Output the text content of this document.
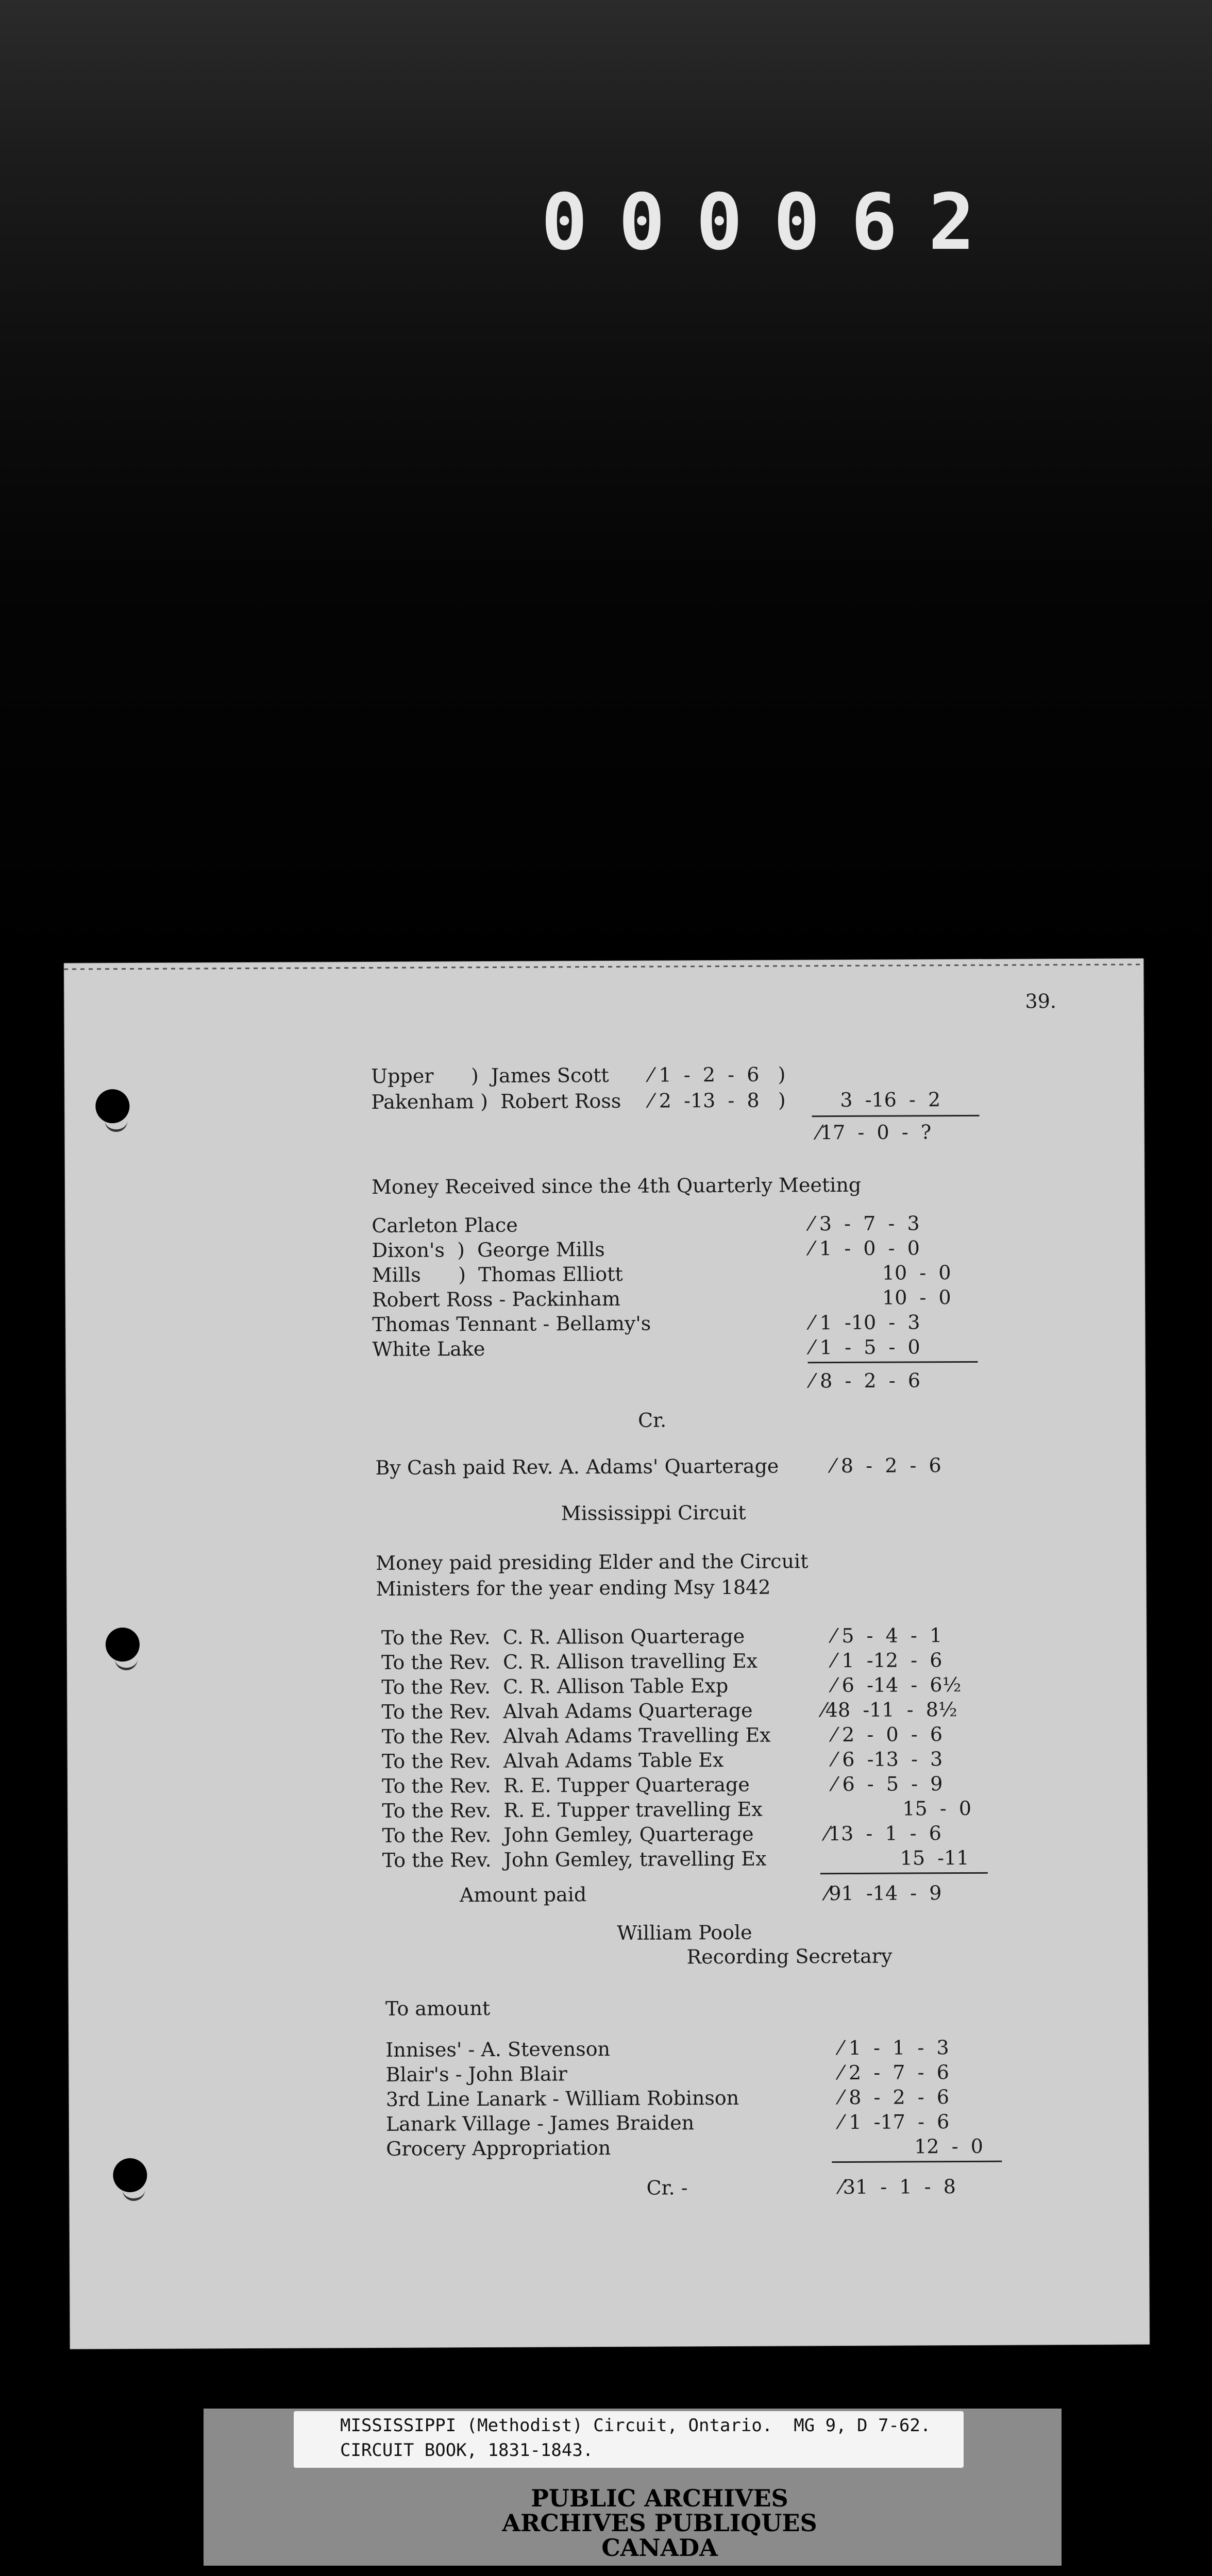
000062
39.
Upper      )  James Scott ⁄ 1  -  2  -  6   )
Pakenham )  Robert Ross ⁄ 2  -13  -  8   )	3  -16  -  2
⁄17  -  0  -  ?
Money Received since the 4th Quarterly Meeting
Carleton Place	⁄ 3  -  7  -  3
Dixon's  )  George Mills	⁄ 1  -  0  -  0
Mills      )  Thomas Elliott	10  -  0
Robert Ross - Packinham	10  -  0
Thomas Tennant - Bellamy's	⁄ 1  -10  -  3
White Lake	⁄ 1  -  5  -  0
⁄ 8  -  2  -  6
Cr.
By Cash paid Rev. A. Adams' Quarterage	⁄ 8  -  2  -  6
Mississippi Circuit
Money paid presiding Elder and the Circuit
Ministers for the year ending Msy 1842
To the Rev.  C. R. Allison Quarterage	⁄ 5  -  4  -  1
To the Rev.  C. R. Allison travelling Ex	⁄ 1  -12  -  6
To the Rev.  C. R. Allison Table Exp	⁄ 6  -14  -  6½
To the Rev.  Alvah Adams Quarterage	⁄48  -11  -  8½
To the Rev.  Alvah Adams Travelling Ex	⁄ 2  -  0  -  6
To the Rev.  Alvah Adams Table Ex	⁄ 6  -13  -  3
To the Rev.  R. E. Tupper Quarterage	⁄ 6  -  5  -  9
To the Rev.  R. E. Tupper travelling Ex	15  -  0
To the Rev.  John Gemley, Quarterage	⁄13  -  1  -  6
To the Rev.  John Gemley, travelling Ex	15  -11
Amount paid	⁄91  -14  -  9
William Poole
Recording Secretary
To amount
Innises' - A. Stevenson	⁄ 1  -  1  -  3
Blair's - John Blair	⁄ 2  -  7  -  6
3rd Line Lanark - William Robinson	⁄ 8  -  2  -  6
Lanark Village - James Braiden	⁄ 1  -17  -  6
Grocery Appropriation	12  -  0
Cr. -	⁄31  -  1  -  8
MISSISSIPPI (Methodist) Circuit, Ontario.  MG 9, D 7-62.
CIRCUIT BOOK, 1831-1843.
PUBLIC ARCHIVES
ARCHIVES PUBLIQUES
CANADA
